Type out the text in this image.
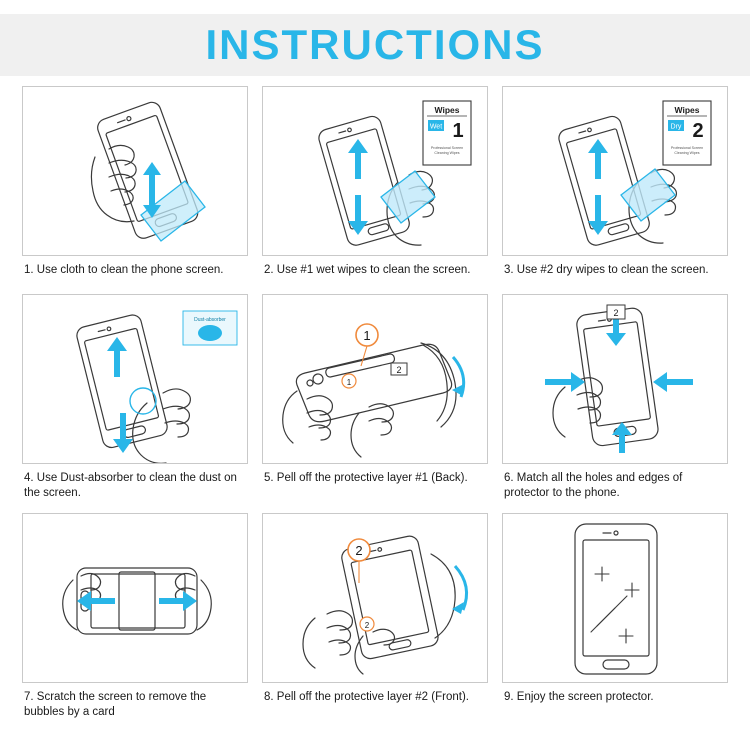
INSTRUCTIONS
1. Use cloth to clean the phone screen.
Wipes
Wet 1
Professional Screen
Cleaning Wipes
2. Use #1 wet wipes to clean the screen.
Wipes
Dry 2
Professional Screen
Cleaning Wipes
3. Use #2 dry wipes to clean the screen.
Dust-absorber
4. Use Dust-absorber to clean the dust on the screen.
1
2
1
5. Pell off the protective layer #1 (Back).
2
6. Match all the holes and edges of protector to the phone.
7. Scratch the screen to remove the bubbles by a card
2
2
8. Pell off the protective layer #2 (Front).	9. Enjoy the screen protector.
